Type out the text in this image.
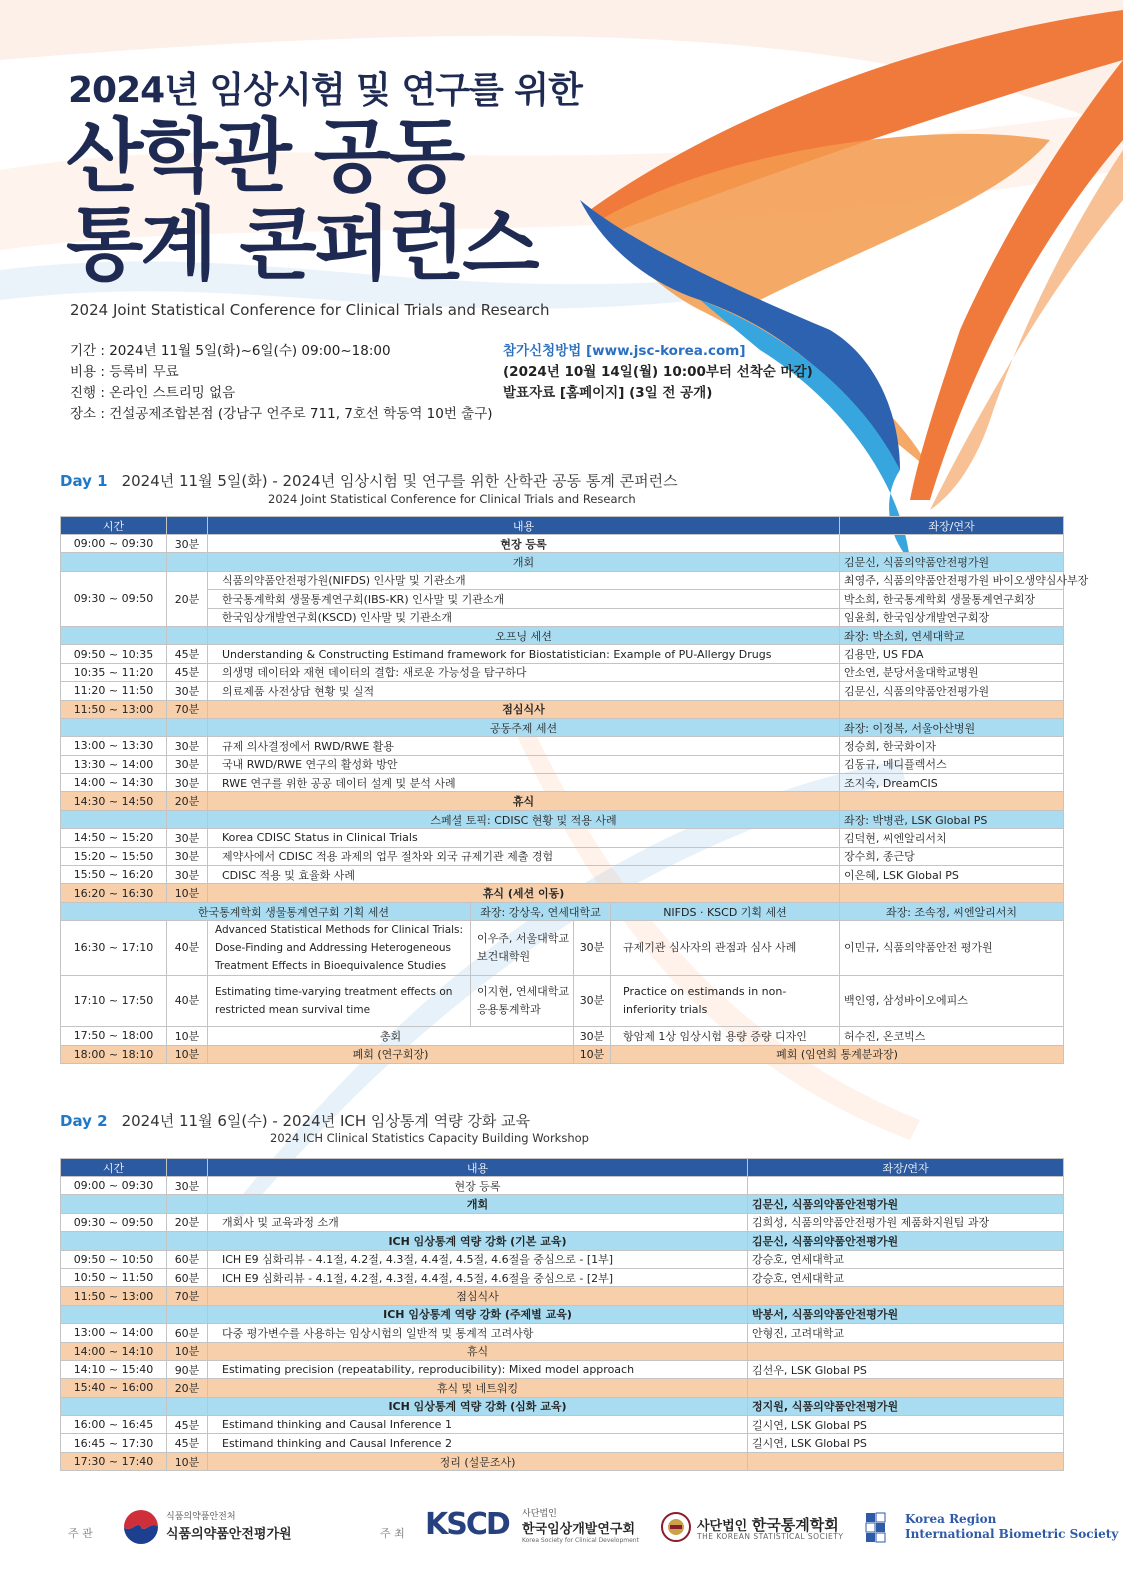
2024년 임상시험 및 연구를 위한
산학관 공동
통계 콘퍼런스
2024 Joint Statistical Conference for Clinical Trials and Research
기간 : 2024년 11월 5일(화)~6일(수) 09:00~18:00
비용 : 등록비 무료
진행 : 온라인 스트리밍 없음
장소 : 건설공제조합본점 (강남구 언주로 711, 7호선 학동역 10번 출구)
참가신청방법 [www.jsc-korea.com]
(2024년 10월 14일(월) 10:00부터 선착순 마감)
발표자료 [홈페이지] (3일 전 공개)
Day 1 2024년 11월 5일(화) - 2024년 임상시험 및 연구를 위한 산학관 공동 통계 콘퍼런스
2024 Joint Statistical Conference for Clinical Trials and Research
시간		내용				좌장/연자
09:00 ~ 09:30	30분	현장 등록				
		개회				김문신, 식품의약품안전평가원
09:30 ~ 09:50	20분	식품의약품안전평가원(NIFDS) 인사말 및 기관소개				최영주, 식품의약품안전평가원 바이오생약심사부장
		한국통계학회 생물통계연구회(IBS-KR) 인사말 및 기관소개				박소희, 한국통계학회 생물통계연구회장
		한국임상개발연구회(KSCD) 인사말 및 기관소개				임윤희, 한국임상개발연구회장
		오프닝 세션				좌장: 박소희, 연세대학교
09:50 ~ 10:35	45분	Understanding & Constructing Estimand framework for Biostatistician: Example of PU-Allergy Drugs				김용만, US FDA
10:35 ~ 11:20	45분	의생명 데이터와 재현 데이터의 결합: 새로운 가능성을 탐구하다				안소연, 분당서울대학교병원
11:20 ~ 11:50	30분	의료제품 사전상담 현황 및 실적				김문신, 식품의약품안전평가원
11:50 ~ 13:00	70분	점심식사				
		공동주제 세션				좌장: 이정복, 서울아산병원
13:00 ~ 13:30	30분	규제 의사결정에서 RWD/RWE 활용				정승희, 한국화이자
13:30 ~ 14:00	30분	국내 RWD/RWE 연구의 활성화 방안				김동규, 메디플렉서스
14:00 ~ 14:30	30분	RWE 연구를 위한 공공 데이터 설계 및 분석 사례				조지숙, DreamCIS
14:30 ~ 14:50	20분	휴식				
		스페셜 토픽: CDISC 현황 및 적용 사례				좌장: 박병관, LSK Global PS
14:50 ~ 15:20	30분	Korea CDISC Status in Clinical Trials				김덕현, 씨엔알리서치
15:20 ~ 15:50	30분	제약사에서 CDISC 적용 과제의 업무 절차와 외국 규제기관 제출 경험				장수희, 종근당
15:50 ~ 16:20	30분	CDISC 적용 및 효율화 사례				이은혜, LSK Global PS
16:20 ~ 16:30	10분	휴식 (세션 이동)				
한국통계학회 생물통계연구회 기획 세션			좌장: 강상욱, 연세대학교		NIFDS · KSCD 기획 세션	좌장: 조속정, 씨엔알리서치
16:30 ~ 17:10	40분	Advanced Statistical Methods for Clinical Trials: Dose-Finding and Addressing Heterogeneous Treatment Effects in Bioequivalence Studies	이우주, 서울대학교 보건대학원	30분	규제기관 심사자의 관점과 심사 사례	이민규, 식품의약품안전 평가원
17:10 ~ 17:50	40분	Estimating time-varying treatment effects on restricted mean survival time	이지현, 연세대학교 응용통계학과	30분	Practice on estimands in non-inferiority trials	백인영, 삼성바이오에피스
17:50 ~ 18:00	10분	총회		30분	항암제 1상 임상시험 용량 증량 디자인	허수진, 온코빅스
18:00 ~ 18:10	10분	폐회 (연구회장)		10분	폐회 (임연희 통계분과장)	
Day 2 2024년 11월 6일(수) - 2024년 ICH 임상통계 역량 강화 교육
2024 ICH Clinical Statistics Capacity Building Workshop
시간		내용	좌장/연자
09:00 ~ 09:30	30분	현장 등록	
		개회	김문신, 식품의약품안전평가원
09:30 ~ 09:50	20분	개회사 및 교육과정 소개	김희성, 식품의약품안전평가원 제품화지원팀 과장
		ICH 임상통계 역량 강화 (기본 교육)	김문신, 식품의약품안전평가원
09:50 ~ 10:50	60분	ICH E9 심화리뷰 - 4.1절, 4.2절, 4.3절, 4.4절, 4.5절, 4.6절을 중심으로 - [1부]	강승호, 연세대학교
10:50 ~ 11:50	60분	ICH E9 심화리뷰 - 4.1절, 4.2절, 4.3절, 4.4절, 4.5절, 4.6절을 중심으로 - [2부]	강승호, 연세대학교
11:50 ~ 13:00	70분	점심식사	
		ICH 임상통계 역량 강화 (주제별 교육)	박봉서, 식품의약품안전평가원
13:00 ~ 14:00	60분	다중 평가변수를 사용하는 임상시험의 일반적 및 통계적 고려사항	안형진, 고려대학교
14:00 ~ 14:10	10분	휴식	
14:10 ~ 15:40	90분	Estimating precision (repeatability, reproducibility): Mixed model approach	김선우, LSK Global PS
15:40 ~ 16:00	20분	휴식 및 네트워킹	
		ICH 임상통계 역량 강화 (심화 교육)	정지원, 식품의약품안전평가원
16:00 ~ 16:45	45분	Estimand thinking and Causal Inference 1	길시연, LSK Global PS
16:45 ~ 17:30	45분	Estimand thinking and Causal Inference 2	길시연, LSK Global PS
17:30 ~ 17:40	10분	정리 (설문조사)	
주 관
식품의약품안전처
식품의약품안전평가원	주 최 KSCD 사단법인
한국임상개발연구회
Korea Society for Clinical Development
사단법인 한국통계학회
THE KOREAN STATISTICAL SOCIETY
Korea Region
International Biometric Society
